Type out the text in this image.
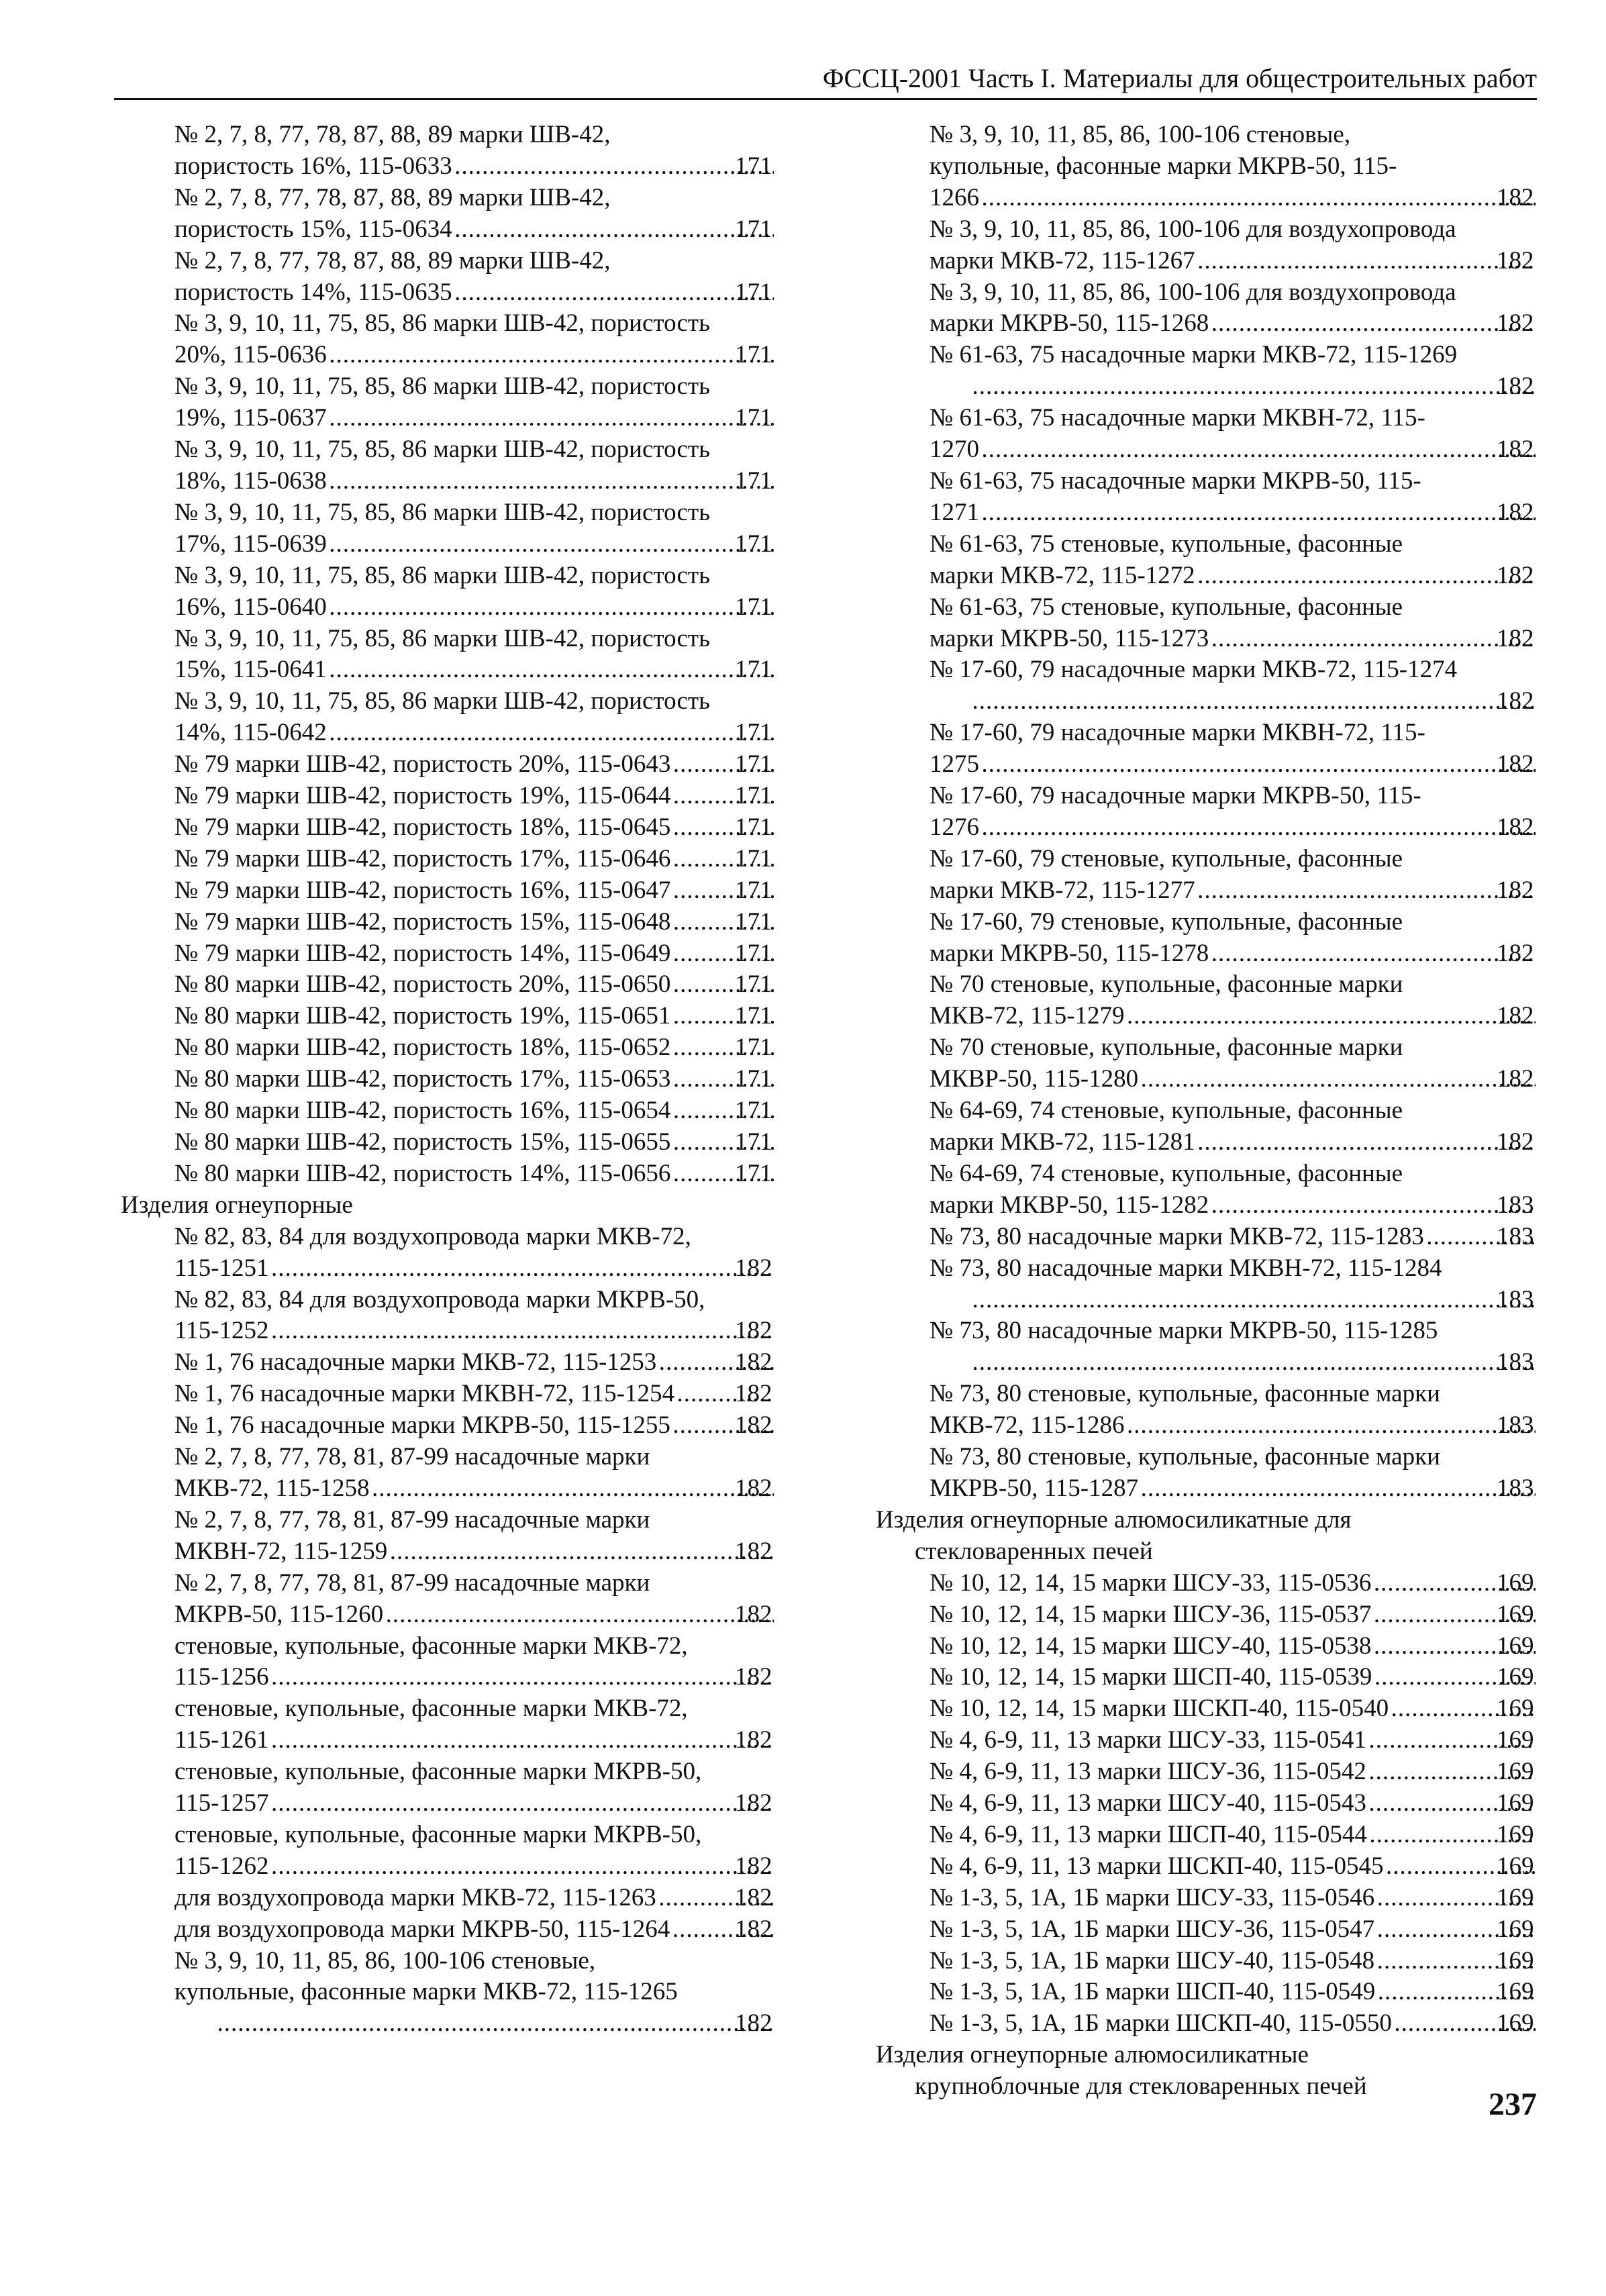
ФССЦ-2001 Часть I. Материалы для общестроительных работ
№ 2, 7, 8, 77, 78, 87, 88, 89 марки ШВ-42,
пористость 16%, 115-0633 .....	171
№ 2, 7, 8, 77, 78, 87, 88, 89 марки ШВ-42,
пористость 15%, 115-0634 .....	171
№ 2, 7, 8, 77, 78, 87, 88, 89 марки ШВ-42,
пористость 14%, 115-0635 .....	171
№ 3, 9, 10, 11, 75, 85, 86 марки ШВ-42, пористость
20%, 115-0636 .....	171
№ 3, 9, 10, 11, 75, 85, 86 марки ШВ-42, пористость
19%, 115-0637 .....	171
№ 3, 9, 10, 11, 75, 85, 86 марки ШВ-42, пористость
18%, 115-0638 .....	171
№ 3, 9, 10, 11, 75, 85, 86 марки ШВ-42, пористость
17%, 115-0639 .....	171
№ 3, 9, 10, 11, 75, 85, 86 марки ШВ-42, пористость
16%, 115-0640 .....	171
№ 3, 9, 10, 11, 75, 85, 86 марки ШВ-42, пористость
15%, 115-0641 .....	171
№ 3, 9, 10, 11, 75, 85, 86 марки ШВ-42, пористость
14%, 115-0642 .....	171
№ 79 марки ШВ-42, пористость 20%, 115-0643 .....	171
№ 79 марки ШВ-42, пористость 19%, 115-0644 .....	171
№ 79 марки ШВ-42, пористость 18%, 115-0645 .....	171
№ 79 марки ШВ-42, пористость 17%, 115-0646 .....	171
№ 79 марки ШВ-42, пористость 16%, 115-0647 .....	171
№ 79 марки ШВ-42, пористость 15%, 115-0648 .....	171
№ 79 марки ШВ-42, пористость 14%, 115-0649 .....	171
№ 80 марки ШВ-42, пористость 20%, 115-0650 .....	171
№ 80 марки ШВ-42, пористость 19%, 115-0651 .....	171
№ 80 марки ШВ-42, пористость 18%, 115-0652 .....	171
№ 80 марки ШВ-42, пористость 17%, 115-0653 .....	171
№ 80 марки ШВ-42, пористость 16%, 115-0654 .....	171
№ 80 марки ШВ-42, пористость 15%, 115-0655 .....	171
№ 80 марки ШВ-42, пористость 14%, 115-0656 .....	171
Изделия огнеупорные
№ 82, 83, 84 для воздухопровода марки МКВ-72,
115-1251 .....	182
№ 82, 83, 84 для воздухопровода марки МКРВ-50,
115-1252 .....	182
№ 1, 76 насадочные марки МКВ-72, 115-1253 .....	182
№ 1, 76 насадочные марки МКВН-72, 115-1254 ..... 182
№ 1, 76 насадочные марки МКРВ-50, 115-1255 .....	182
№ 2, 7, 8, 77, 78, 81, 87-99 насадочные марки
МКВ-72, 115-1258 .....	182
№ 2, 7, 8, 77, 78, 81, 87-99 насадочные марки
МКВН-72, 115-1259 .....	182
№ 2, 7, 8, 77, 78, 81, 87-99 насадочные марки
МКРВ-50, 115-1260 .....	182
стеновые, купольные, фасонные марки МКВ-72,
115-1256 .....	182
стеновые, купольные, фасонные марки МКВ-72,
115-1261 .....	182
стеновые, купольные, фасонные марки МКРВ-50,
115-1257 .....	182
стеновые, купольные, фасонные марки МКРВ-50,
115-1262 .....	182
для воздухопровода марки МКВ-72, 115-1263 .....	182
для воздухопровода марки МКРВ-50, 115-1264 .....	182
№ 3, 9, 10, 11, 85, 86, 100-106 стеновые,
купольные, фасонные марки МКВ-72, 115-1265
.....
182
№ 3, 9, 10, 11, 85, 86, 100-106 стеновые,
купольные, фасонные марки МКРВ-50, 115-
1266 .....	182
№ 3, 9, 10, 11, 85, 86, 100-106 для воздухопровода
марки МКВ-72, 115-1267 .....	182
№ 3, 9, 10, 11, 85, 86, 100-106 для воздухопровода
марки МКРВ-50, 115-1268 .....	182
№ 61-63, 75 насадочные марки МКВ-72, 115-1269
.....
182
№ 61-63, 75 насадочные марки МКВН-72, 115-
1270 .....	182
№ 61-63, 75 насадочные марки МКРВ-50, 115-
1271 .....	182
№ 61-63, 75 стеновые, купольные, фасонные
марки МКВ-72, 115-1272 .....	182
№ 61-63, 75 стеновые, купольные, фасонные
марки МКРВ-50, 115-1273 .....	182
№ 17-60, 79 насадочные марки МКВ-72, 115-1274
.....
182
№ 17-60, 79 насадочные марки МКВН-72, 115-
1275 .....	182
№ 17-60, 79 насадочные марки МКРВ-50, 115-
1276 .....	182
№ 17-60, 79 стеновые, купольные, фасонные
марки МКВ-72, 115-1277 .....	182
№ 17-60, 79 стеновые, купольные, фасонные
марки МКРВ-50, 115-1278 .....	182
№ 70 стеновые, купольные, фасонные марки
МКВ-72, 115-1279 .....	182
№ 70 стеновые, купольные, фасонные марки
МКВР-50, 115-1280 .....	182
№ 64-69, 74 стеновые, купольные, фасонные
марки МКВ-72, 115-1281 .....	182
№ 64-69, 74 стеновые, купольные, фасонные
марки МКВР-50, 115-1282 .....	183
№ 73, 80 насадочные марки МКВ-72, 115-1283 .....	183
№ 73, 80 насадочные марки МКВН-72, 115-1284
.....
183
№ 73, 80 насадочные марки МКРВ-50, 115-1285
.....
183
№ 73, 80 стеновые, купольные, фасонные марки
МКВ-72, 115-1286 .....	183
№ 73, 80 стеновые, купольные, фасонные марки
МКРВ-50, 115-1287 .....	183
Изделия огнеупорные алюмосиликатные для
стекловаренных печей
№ 10, 12, 14, 15 марки ШСУ-33, 115-0536 .....	169
№ 10, 12, 14, 15 марки ШСУ-36, 115-0537 .....	169
№ 10, 12, 14, 15 марки ШСУ-40, 115-0538 .....	169
№ 10, 12, 14, 15 марки ШСП-40, 115-0539 .....	169
№ 10, 12, 14, 15 марки ШСКП-40, 115-0540 .....	169
№ 4, 6-9, 11, 13 марки ШСУ-33, 115-0541 .....	169
№ 4, 6-9, 11, 13 марки ШСУ-36, 115-0542 .....	169
№ 4, 6-9, 11, 13 марки ШСУ-40, 115-0543 .....	169
№ 4, 6-9, 11, 13 марки ШСП-40, 115-0544 .....	169
№ 4, 6-9, 11, 13 марки ШСКП-40, 115-0545 .....	169
№ 1-3, 5, 1А, 1Б марки ШСУ-33, 115-0546 .....	169
№ 1-3, 5, 1А, 1Б марки ШСУ-36, 115-0547 .....	169
№ 1-3, 5, 1А, 1Б марки ШСУ-40, 115-0548 .....	169
№ 1-3, 5, 1А, 1Б марки ШСП-40, 115-0549 .....	169
№ 1-3, 5, 1А, 1Б марки ШСКП-40, 115-0550 .....	169
Изделия огнеупорные алюмосиликатные
крупноблочные для стекловаренных печей
237
